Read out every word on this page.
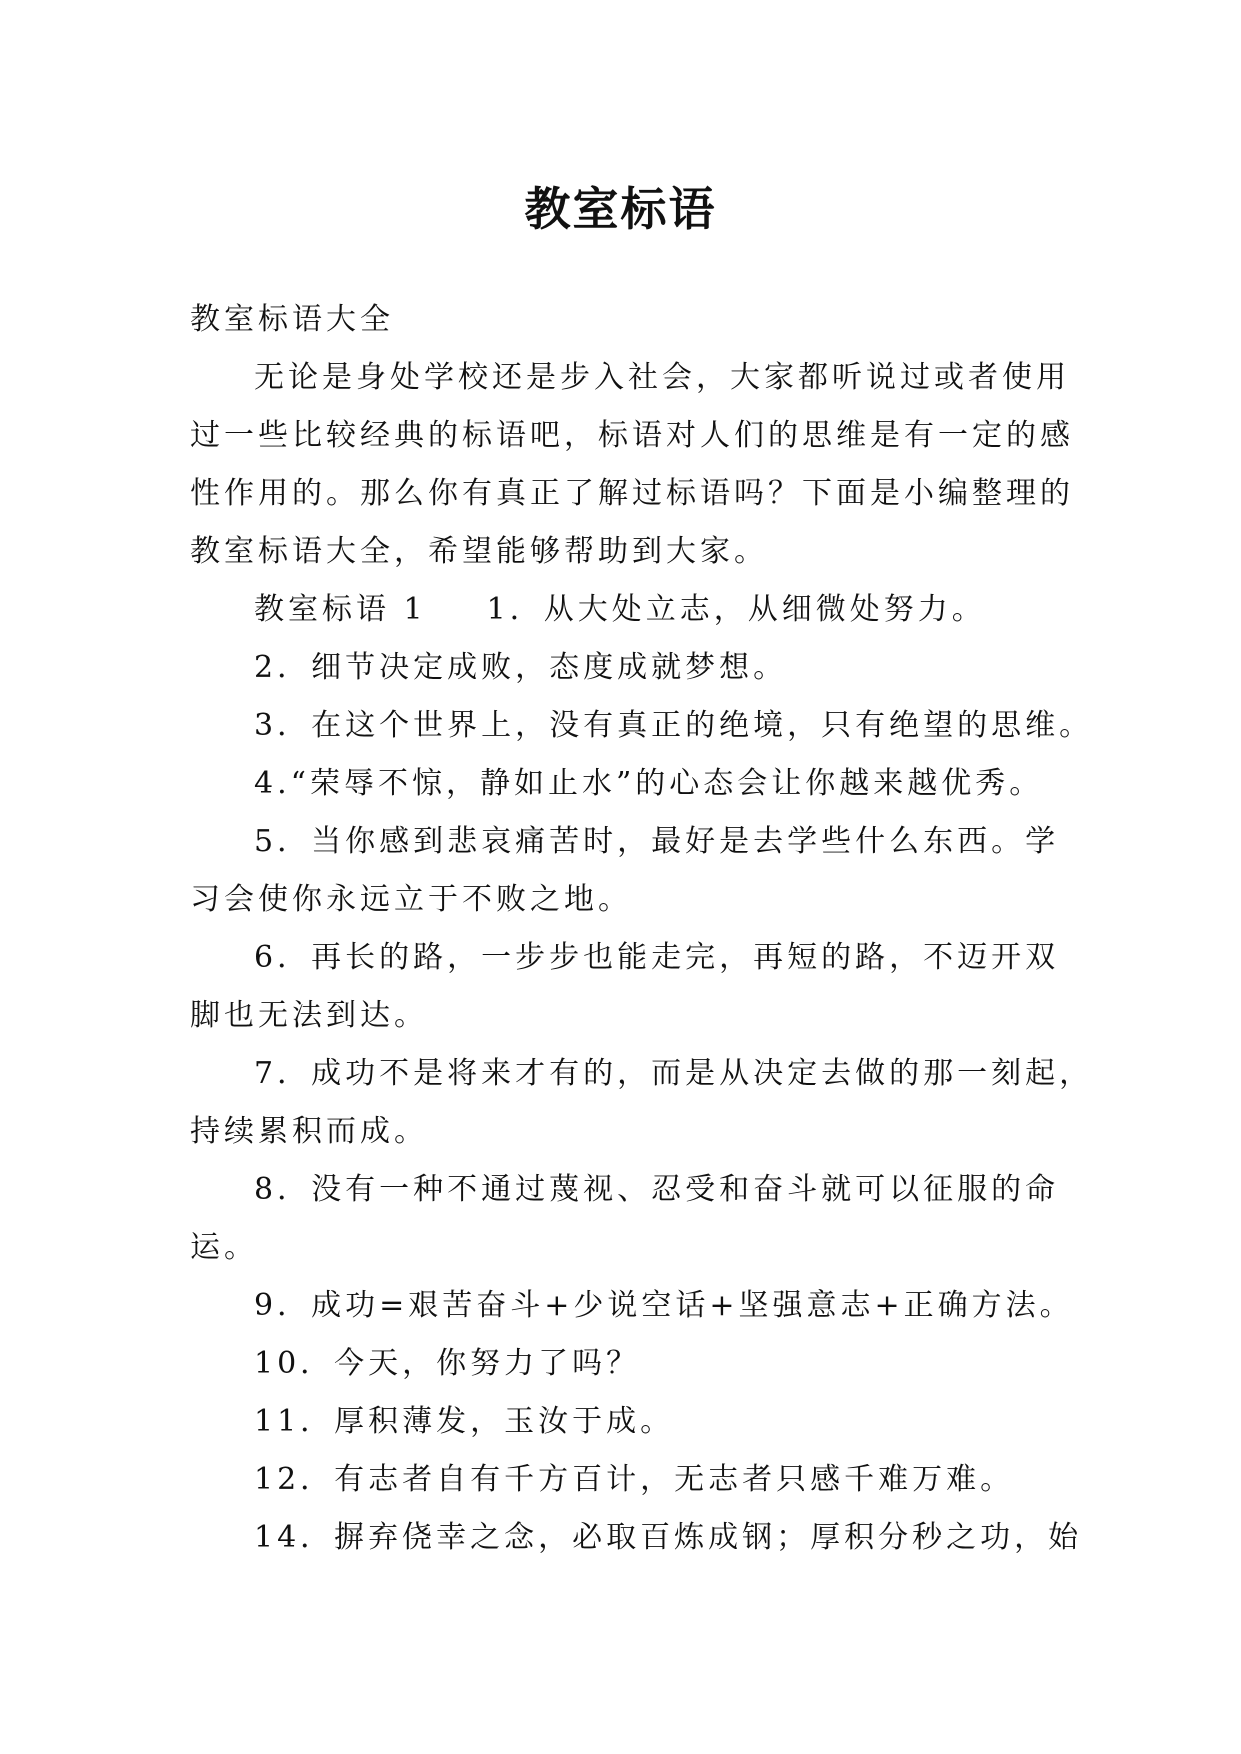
教室标语

教室标语大全

无论是身处学校还是步入社会，大家都听说过或者使用

过一些比较经典的标语吧，标语对人们的思维是有一定的感

性作用的。那么你有真正了解过标语吗？下面是小编整理的

教室标语大全，希望能够帮助到大家。

教室标语 1 1．从大处立志，从细微处努力。

2．细节决定成败，态度成就梦想。

3．在这个世界上，没有真正的绝境，只有绝望的思维。

4.“荣辱不惊，静如止水”的心态会让你越来越优秀。

5．当你感到悲哀痛苦时，最好是去学些什么东西。学

习会使你永远立于不败之地。

6．再长的路，一步步也能走完，再短的路，不迈开双

脚也无法到达。

7．成功不是将来才有的，而是从决定去做的那一刻起，

持续累积而成。

8．没有一种不通过蔑视、忍受和奋斗就可以征服的命

运。

9．成功=艰苦奋斗+少说空话+坚强意志+正确方法。

10．今天，你努力了吗？

11．厚积薄发，玉汝于成。

12．有志者自有千方百计，无志者只感千难万难。

14．摒弃侥幸之念，必取百炼成钢；厚积分秒之功，始
